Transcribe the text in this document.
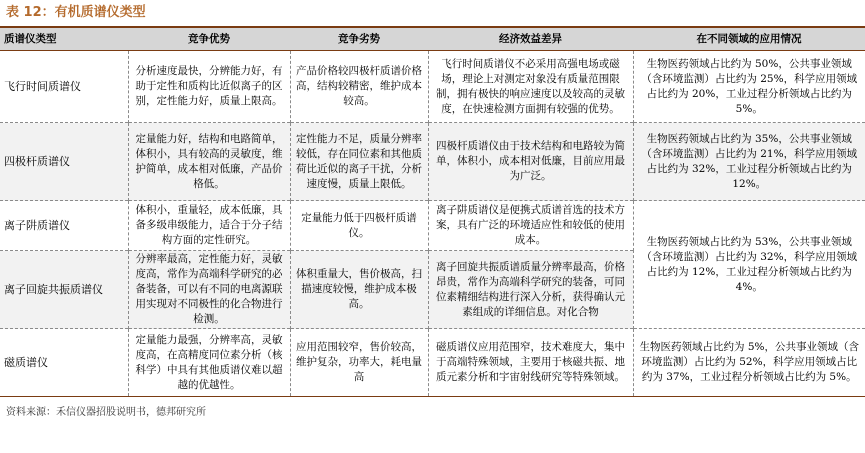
表 12：有机质谱仪类型
质谱仪类型	竞争优势	竞争劣势	经济效益差异	在不同领域的应用情况
飞行时间质谱仪	分析速度最快，分辨能力好，有助于定性和质构比近似离子的区别，定性能力好，质量上限高。	产品价格较四极杆质谱价格高，结构较精密，维护成本较高。	飞行时间质谱仪不必采用高强电场或磁场，理论上对测定对象没有质量范围限制，拥有极快的响应速度以及较高的灵敏度，在快速检测方面拥有较强的优势。	生物医药领域占比约为 50%，公共事业领域（含环境监测）占比约为 25%，科学应用领域占比约为 20%，工业过程分析领域占比约为 5%。
四极杆质谱仪	定量能力好，结构和电路简单，体积小，具有较高的灵敏度，维护简单，成本相对低廉，产品价格低。	定性能力不足，质量分辨率较低，存在同位素和其他质荷比近似的离子干扰，分析速度慢，质量上限低。	四极杆质谱仪由于技术结构和电路较为简单，体积小，成本相对低廉，目前应用最为广泛。	生物医药领域占比约为 35%，公共事业领域（含环境监测）占比约为 21%，科学应用领域占比约为 32%，工业过程分析领域占比约为 12%。
离子阱质谱仪	体积小，重量轻，成本低廉，具备多级串级能力，适合于分子结构方面的定性研究。	定量能力低于四极杆质谱仪。	离子阱质谱仪是便携式质谱首选的技术方案，具有广泛的环境适应性和较低的使用成本。	生物医药领域占比约为 53%，公共事业领域（含环境监测）占比约为 32%，科学应用领域占比约为 12%，工业过程分析领域占比约为 4%。
离子回旋共振质谱仪	分辨率最高，定性能力好，灵敏度高，常作为高端科学研究的必备装备，可以有不同的电离源联用实现对不同极性的化合物进行检测。	体积重量大，售价极高，扫描速度较慢，维护成本极高。	离子回旋共振质谱质量分辨率最高，价格昂贵，常作为高端科学研究的装备，可同位素精细结构进行深入分析，获得确认元素组成的详细信息。对化合物	
磁质谱仪	定量能力最强，分辨率高，灵敏度高，在高精度同位素分析（核科学）中具有其他质谱仪难以超越的优越性。	应用范围较窄，售价较高，维护复杂，功率大，耗电量高	磁质谱仪应用范围窄，技术难度大，集中于高端特殊领域，主要用于核磁共振、地质元素分析和宇宙射线研究等特殊领域。	生物医药领域占比约为 5%，公共事业领域（含环境监测）占比约为 52%，科学应用领域占比约为 37%，工业过程分析领域占比约为 5%。
资料来源：禾信仪器招股说明书，德邦研究所
